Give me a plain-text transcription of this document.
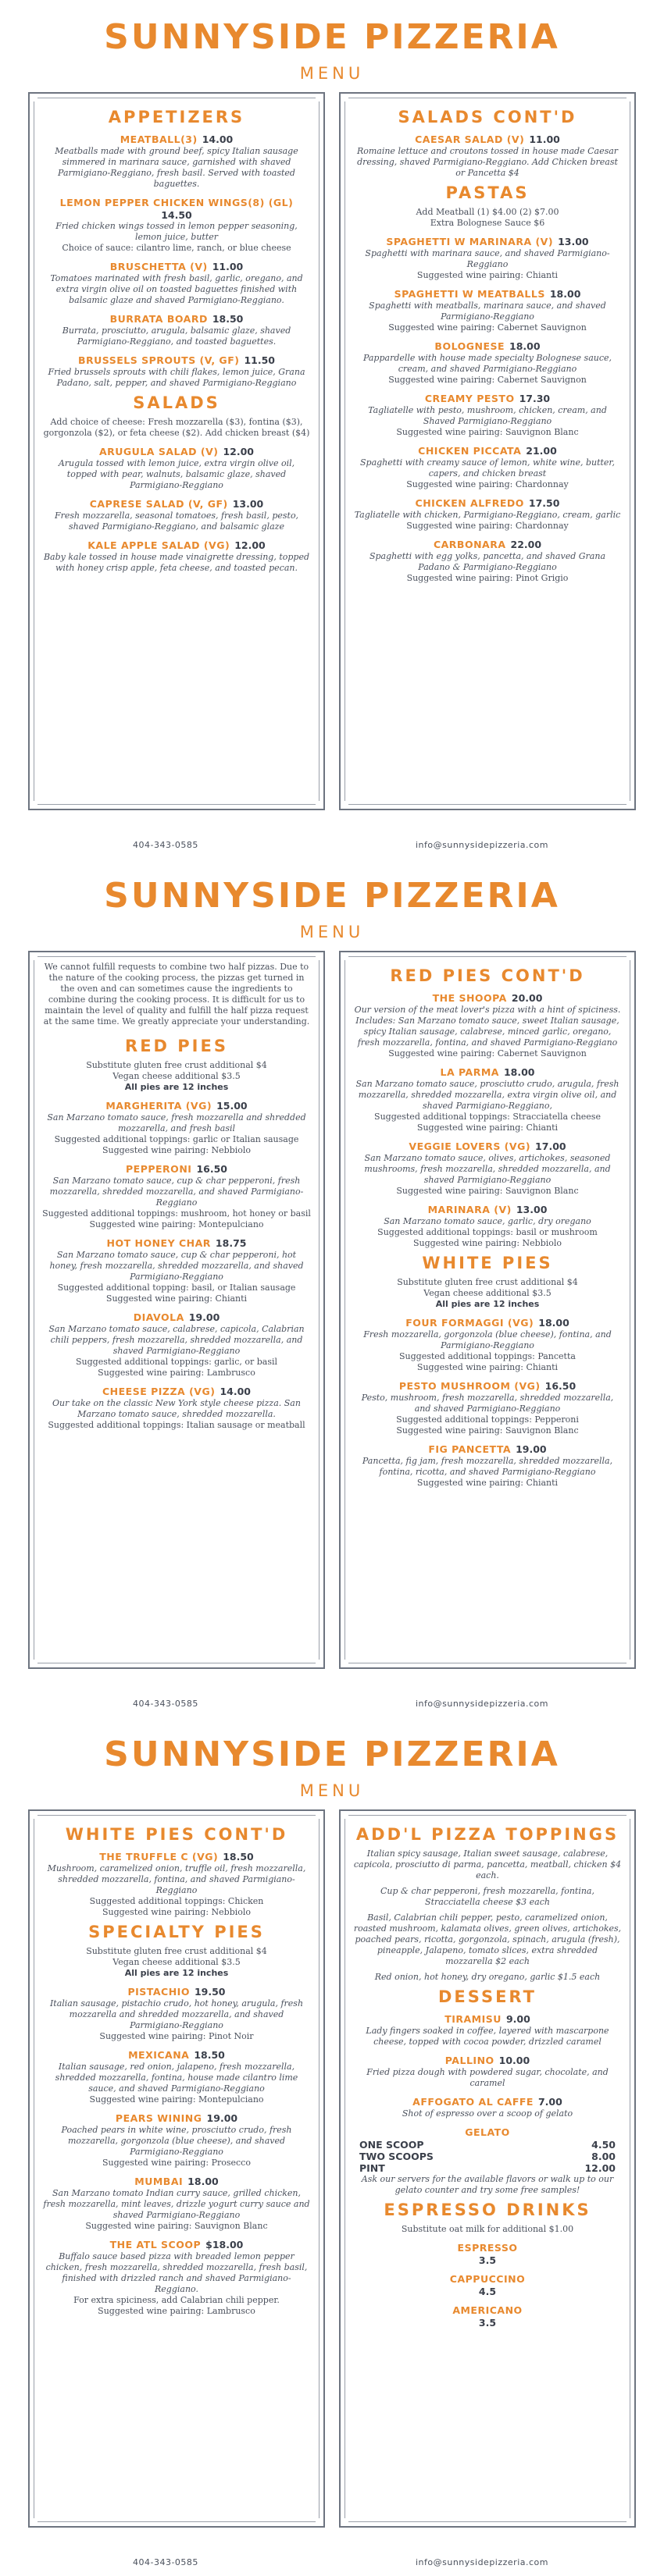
SUNNYSIDE PIZZERIA
MENU
APPETIZERS
MEATBALL(3) 14.00
Meatballs made with ground beef, spicy Italian sausage simmered in marinara sauce, garnished with shaved Parmigiano-Reggiano, fresh basil. Served with toasted baguettes.
LEMON PEPPER CHICKEN WINGS(8) (GL)
14.50
Fried chicken wings tossed in lemon pepper seasoning, lemon juice, butter
Choice of sauce: cilantro lime, ranch, or blue cheese
BRUSCHETTA (V) 11.00
Tomatoes marinated with fresh basil, garlic, oregano, and extra virgin olive oil on toasted baguettes finished with balsamic glaze and shaved Parmigiano-Reggiano.
BURRATA BOARD 18.50
Burrata, prosciutto, arugula, balsamic glaze, shaved Parmigiano-Reggiano, and toasted baguettes.
BRUSSELS SPROUTS (V, GF) 11.50
Fried brussels sprouts with chili flakes, lemon juice, Grana Padano, salt, pepper, and shaved Parmigiano-Reggiano
SALADS
Add choice of cheese: Fresh mozzarella ($3), fontina ($3), gorgonzola ($2), or feta cheese ($2). Add chicken breast ($4)
ARUGULA SALAD (V) 12.00
Arugula tossed with lemon juice, extra virgin olive oil, topped with pear, walnuts, balsamic glaze, shaved Parmigiano-Reggiano
CAPRESE SALAD (V, GF) 13.00
Fresh mozzarella, seasonal tomatoes, fresh basil, pesto, shaved Parmigiano-Reggiano, and balsamic glaze
KALE APPLE SALAD (VG) 12.00
Baby kale tossed in house made vinaigrette dressing, topped with honey crisp apple, feta cheese, and toasted pecan.
SALADS CONT'D
CAESAR SALAD (V) 11.00
Romaine lettuce and croutons tossed in house made Caesar dressing, shaved Parmigiano-Reggiano. Add Chicken breast or Pancetta $4
PASTAS
Add Meatball (1) $4.00 (2) $7.00
Extra Bolognese Sauce $6
SPAGHETTI W MARINARA (V) 13.00
Spaghetti with marinara sauce, and shaved Parmigiano-Reggiano
Suggested wine pairing: Chianti
SPAGHETTI W MEATBALLS 18.00
Spaghetti with meatballs, marinara sauce, and shaved Parmigiano-Reggiano
Suggested wine pairing: Cabernet Sauvignon
BOLOGNESE 18.00
Pappardelle with house made specialty Bolognese sauce, cream, and shaved Parmigiano-Reggiano
Suggested wine pairing: Cabernet Sauvignon
CREAMY PESTO 17.30
Tagliatelle with pesto, mushroom, chicken, cream, and Shaved Parmigiano-Reggiano
Suggested wine pairing: Sauvignon Blanc
CHICKEN PICCATA 21.00
Spaghetti with creamy sauce of lemon, white wine, butter, capers, and chicken breast
Suggested wine pairing: Chardonnay
CHICKEN ALFREDO 17.50
Tagliatelle with chicken, Parmigiano-Reggiano, cream, garlic
Suggested wine pairing: Chardonnay
CARBONARA 22.00
Spaghetti with egg yolks, pancetta, and shaved Grana Padano & Parmigiano-Reggiano
Suggested wine pairing: Pinot Grigio
404-343-0585	info@sunnysidepizzeria.com
SUNNYSIDE PIZZERIA
MENU
We cannot fulfill requests to combine two half pizzas. Due to the nature of the cooking process, the pizzas get turned in the oven and can sometimes cause the ingredients to combine during the cooking process. It is difficult for us to maintain the level of quality and fulfill the half pizza request at the same time. We greatly appreciate your understanding.
RED PIES
Substitute gluten free crust additional $4
Vegan cheese additional $3.5
All pies are 12 inches
MARGHERITA (VG) 15.00
San Marzano tomato sauce, fresh mozzarella and shredded mozzarella, and fresh basil
Suggested additional toppings: garlic or Italian sausage
Suggested wine pairing: Nebbiolo
PEPPERONI 16.50
San Marzano tomato sauce, cup & char pepperoni, fresh mozzarella, shredded mozzarella, and shaved Parmigiano-Reggiano
Suggested additional toppings: mushroom, hot honey or basil
Suggested wine pairing: Montepulciano
HOT HONEY CHAR 18.75
San Marzano tomato sauce, cup & char pepperoni, hot honey, fresh mozzarella, shredded mozzarella, and shaved Parmigiano-Reggiano
Suggested additional topping: basil, or Italian sausage
Suggested wine pairing: Chianti
DIAVOLA 19.00
San Marzano tomato sauce, calabrese, capicola, Calabrian chili peppers, fresh mozzarella, shredded mozzarella, and shaved Parmigiano-Reggiano
Suggested additional toppings: garlic, or basil
Suggested wine pairing: Lambrusco
CHEESE PIZZA (VG) 14.00
Our take on the classic New York style cheese pizza. San Marzano tomato sauce, shredded mozzarella.
Suggested additional toppings: Italian sausage or meatball
RED PIES CONT'D
THE SHOOPA 20.00
Our version of the meat lover's pizza with a hint of spiciness. Includes: San Marzano tomato sauce, sweet Italian sausage, spicy Italian sausage, calabrese, minced garlic, oregano, fresh mozzarella, fontina, and shaved Parmigiano-Reggiano
Suggested wine pairing: Cabernet Sauvignon
LA PARMA 18.00
San Marzano tomato sauce, prosciutto crudo, arugula, fresh mozzarella, shredded mozzarella, extra virgin olive oil, and shaved Parmigiano-Reggiano,
Suggested additional toppings: Stracciatella cheese
Suggested wine pairing: Chianti
VEGGIE LOVERS (VG) 17.00
San Marzano tomato sauce, olives, artichokes, seasoned mushrooms, fresh mozzarella, shredded mozzarella, and shaved Parmigiano-Reggiano
Suggested wine pairing: Sauvignon Blanc
MARINARA (V) 13.00
San Marzano tomato sauce, garlic, dry oregano
Suggested additional toppings: basil or mushroom
Suggested wine pairing: Nebbiolo
WHITE PIES
Substitute gluten free crust additional $4
Vegan cheese additional $3.5
All pies are 12 inches
FOUR FORMAGGI (VG) 18.00
Fresh mozzarella, gorgonzola (blue cheese), fontina, and Parmigiano-Reggiano
Suggested additional toppings: Pancetta
Suggested wine pairing: Chianti
PESTO MUSHROOM (VG) 16.50
Pesto, mushroom, fresh mozzarella, shredded mozzarella, and shaved Parmigiano-Reggiano
Suggested additional toppings: Pepperoni
Suggested wine pairing: Sauvignon Blanc
FIG PANCETTA 19.00
Pancetta, fig jam, fresh mozzarella, shredded mozzarella, fontina, ricotta, and shaved Parmigiano-Reggiano
Suggested wine pairing: Chianti
404-343-0585	info@sunnysidepizzeria.com
SUNNYSIDE PIZZERIA
MENU
WHITE PIES CONT'D
THE TRUFFLE C (VG) 18.50
Mushroom, caramelized onion, truffle oil, fresh mozzarella, shredded mozzarella, fontina, and shaved Parmigiano-Reggiano
Suggested additional toppings: Chicken
Suggested wine pairing: Nebbiolo
SPECIALTY PIES
Substitute gluten free crust additional $4
Vegan cheese additional $3.5
All pies are 12 inches
PISTACHIO 19.50
Italian sausage, pistachio crudo, hot honey, arugula, fresh mozzarella and shredded mozzarella, and shaved Parmigiano-Reggiano
Suggested wine pairing: Pinot Noir
MEXICANA 18.50
Italian sausage, red onion, jalapeno, fresh mozzarella, shredded mozzarella, fontina, house made cilantro lime sauce, and shaved Parmigiano-Reggiano
Suggested wine pairing: Montepulciano
PEARS WINING 19.00
Poached pears in white wine, prosciutto crudo, fresh mozzarella, gorgonzola (blue cheese), and shaved Parmigiano-Reggiano
Suggested wine pairing: Prosecco
MUMBAI 18.00
San Marzano tomato Indian curry sauce, grilled chicken, fresh mozzarella, mint leaves, drizzle yogurt curry sauce and shaved Parmigiano-Reggiano
Suggested wine pairing: Sauvignon Blanc
THE ATL SCOOP $18.00
Buffalo sauce based pizza with breaded lemon pepper chicken, fresh mozzarella, shredded mozzarella, fresh basil, finished with drizzled ranch and shaved Parmigiano-Reggiano.
For extra spiciness, add Calabrian chili pepper.
Suggested wine pairing: Lambrusco
ADD'L PIZZA TOPPINGS
Italian spicy sausage, Italian sweet sausage, calabrese, capicola, prosciutto di parma, pancetta, meatball, chicken $4 each.
Cup & char pepperoni, fresh mozzarella, fontina, Stracciatella cheese $3 each
Basil, Calabrian chili pepper, pesto, caramelized onion, roasted mushroom, kalamata olives, green olives, artichokes, poached pears, ricotta, gorgonzola, spinach, arugula (fresh), pineapple, Jalapeno, tomato slices, extra shredded mozzarella $2 each
Red onion, hot honey, dry oregano, garlic $1.5 each
DESSERT
TIRAMISU 9.00
Lady fingers soaked in coffee, layered with mascarpone cheese, topped with cocoa powder, drizzled caramel
PALLINO 10.00
Fried pizza dough with powdered sugar, chocolate, and caramel
AFFOGATO AL CAFFE 7.00
Shot of espresso over a scoop of gelato
GELATO
ONE SCOOP	4.50
TWO SCOOPS	8.00
PINT	12.00
Ask our servers for the available flavors or walk up to our gelato counter and try some free samples!
ESPRESSO DRINKS
Substitute oat milk for additional $1.00
ESPRESSO
3.5
CAPPUCCINO
4.5
AMERICANO
3.5
404-343-0585	info@sunnysidepizzeria.com
